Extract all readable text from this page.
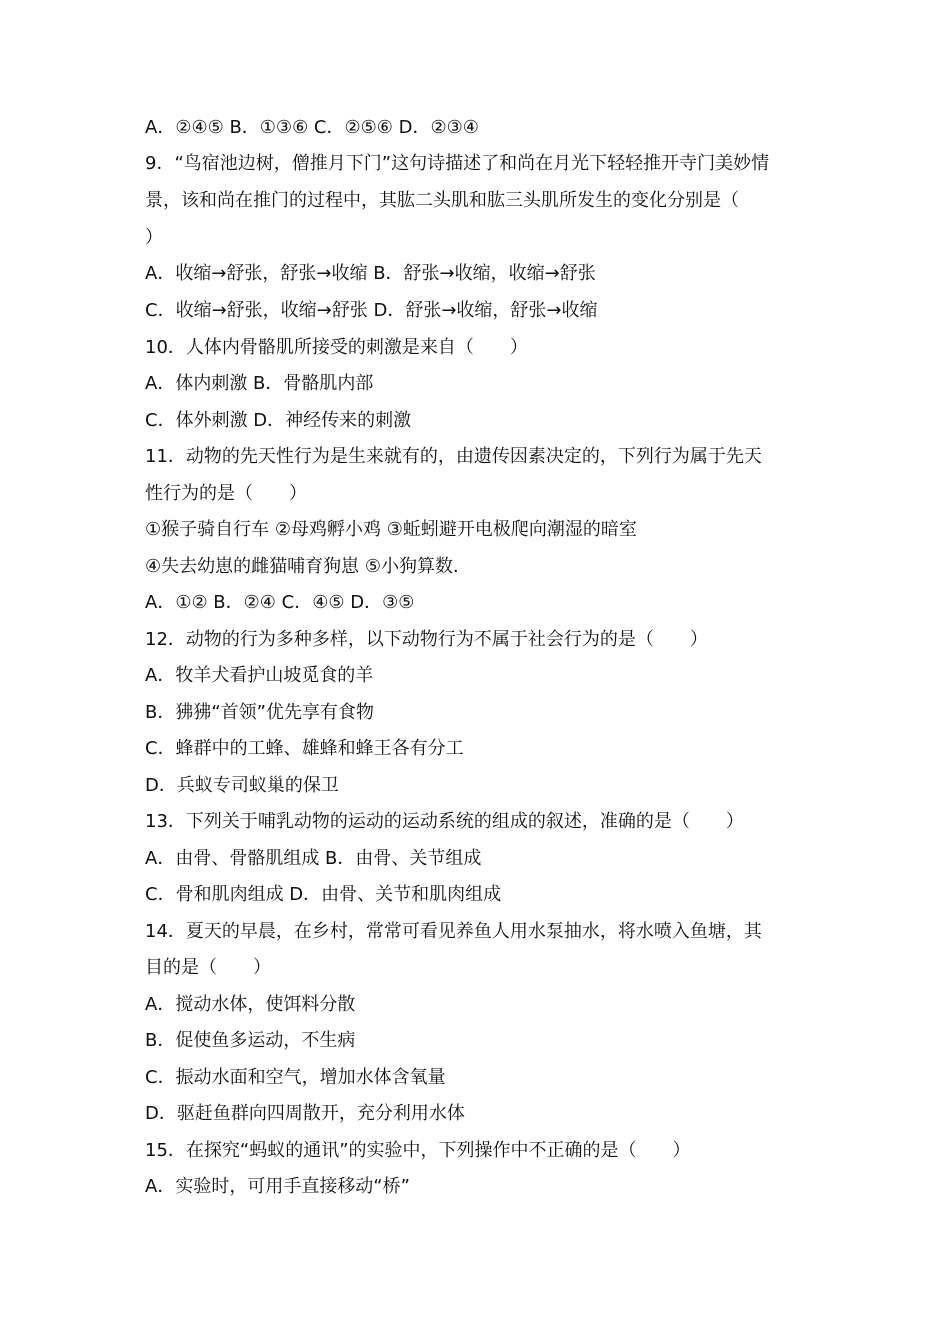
A．②④⑤ B．①③⑥ C．②⑤⑥ D．②③④
9．“鸟宿池边树，僧推月下门”这句诗描述了和尚在月光下轻轻推开寺门美妙情
景，该和尚在推门的过程中，其肱二头肌和肱三头肌所发生的变化分别是（
）
A．收缩→舒张，舒张→收缩 B．舒张→收缩，收缩→舒张
C．收缩→舒张，收缩→舒张 D．舒张→收缩，舒张→收缩
10．人体内骨骼肌所接受的刺激是来自（　　）
A．体内刺激 B．骨骼肌内部
C．体外刺激 D．神经传来的刺激
11．动物的先天性行为是生来就有的，由遗传因素决定的，下列行为属于先天
性行为的是（　　）
①猴子骑自行车 ②母鸡孵小鸡 ③蚯蚓避开电极爬向潮湿的暗室
④失去幼崽的雌猫哺育狗崽 ⑤小狗算数．
A．①② B．②④ C．④⑤ D．③⑤
12．动物的行为多种多样，以下动物行为不属于社会行为的是（　　）
A．牧羊犬看护山坡觅食的羊
B．狒狒“首领”优先享有食物
C．蜂群中的工蜂、雄蜂和蜂王各有分工
D．兵蚁专司蚁巢的保卫
13．下列关于哺乳动物的运动的运动系统的组成的叙述，准确的是（　　）
A．由骨、骨骼肌组成 B．由骨、关节组成
C．骨和肌肉组成 D．由骨、关节和肌肉组成
14．夏天的早晨，在乡村，常常可看见养鱼人用水泵抽水，将水喷入鱼塘，其
目的是（　　）
A．搅动水体，使饵料分散
B．促使鱼多运动，不生病
C．振动水面和空气，增加水体含氧量
D．驱赶鱼群向四周散开，充分利用水体
15．在探究“蚂蚁的通讯”的实验中，下列操作中不正确的是（　　）
A．实验时，可用手直接移动“桥”
